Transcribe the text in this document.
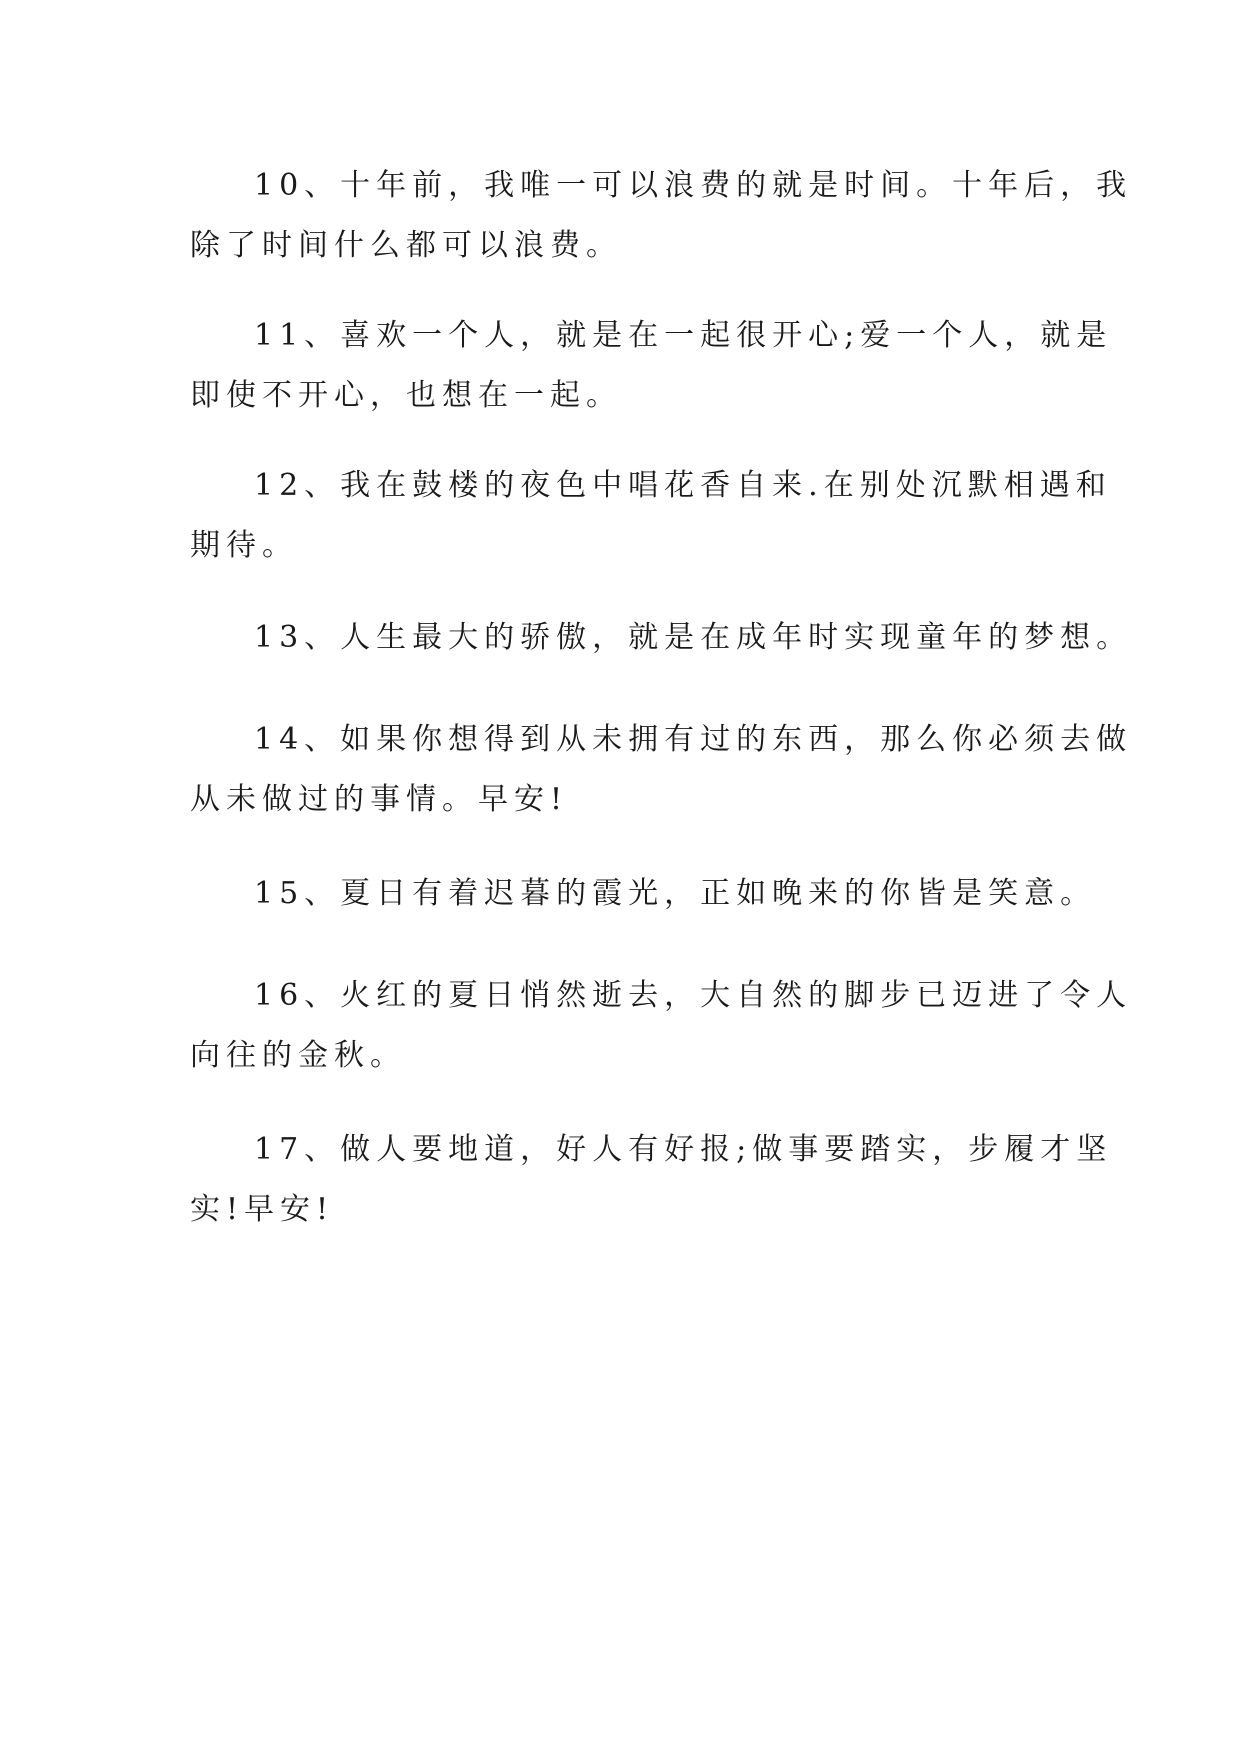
10、十年前，我唯一可以浪费的就是时间。十年后，我
除了时间什么都可以浪费。

11、喜欢一个人，就是在一起很开心;爱一个人，就是
即使不开心，也想在一起。

12、我在鼓楼的夜色中唱花香自来.在别处沉默相遇和
期待。

13、人生最大的骄傲，就是在成年时实现童年的梦想。

14、如果你想得到从未拥有过的东西，那么你必须去做
从未做过的事情。早安!

15、夏日有着迟暮的霞光，正如晚来的你皆是笑意。

16、火红的夏日悄然逝去，大自然的脚步已迈进了令人
向往的金秋。

17、做人要地道，好人有好报;做事要踏实，步履才坚
实!早安!
